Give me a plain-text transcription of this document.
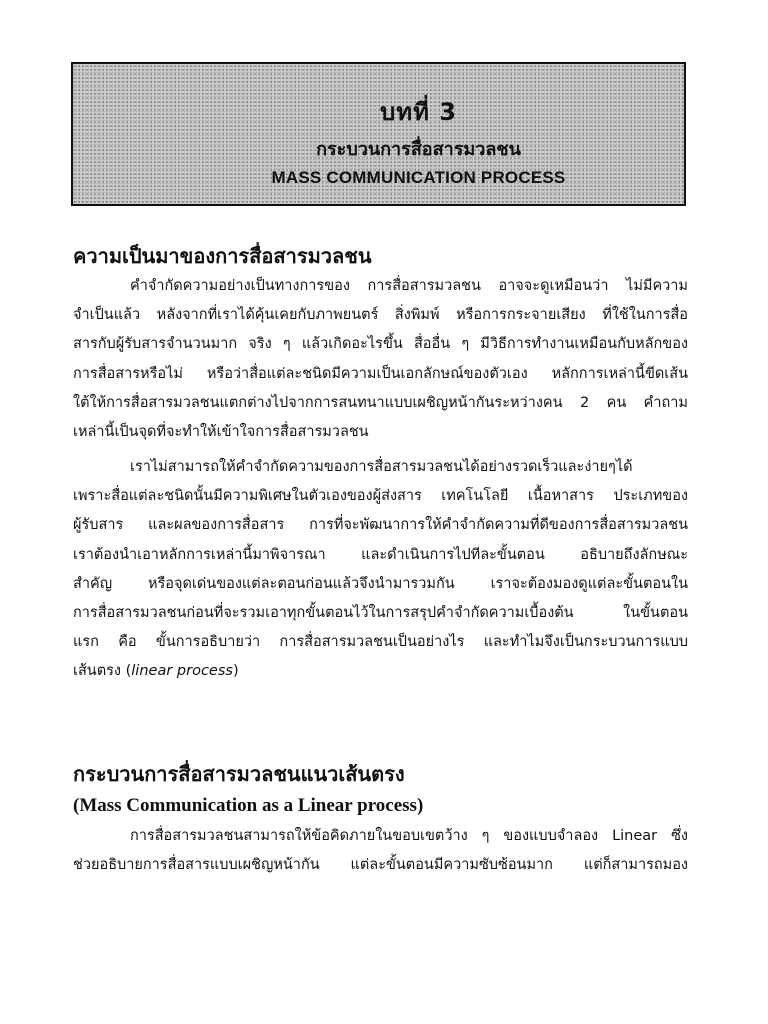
บทที่ 3
กระบวนการสื่อสารมวลชน
MASS COMMUNICATION PROCESS
ความเป็นมาของการสื่อสารมวลชน
คำจำกัดความอย่างเป็นทางการของ การสื่อสารมวลชน อาจจะดูเหมือนว่า ไม่มีความ
จำเป็นแล้ว หลังจากที่เราได้คุ้นเคยกับภาพยนตร์ สิ่งพิมพ์ หรือการกระจายเสียง ที่ใช้ในการสื่อ
สารกับผู้รับสารจำนวนมาก จริง ๆ แล้วเกิดอะไรขึ้น สื่ออื่น ๆ มีวิธีการทำงานเหมือนกับหลักของ
การสื่อสารหรือไม่ หรือว่าสื่อแต่ละชนิดมีความเป็นเอกลักษณ์ของตัวเอง หลักการเหล่านี้ขีดเส้น
ใต้ให้การสื่อสารมวลชนแตกต่างไปจากการสนทนาแบบเผชิญหน้ากันระหว่างคน 2 คน คำถาม
เหล่านี้เป็นจุดที่จะทำให้เข้าใจการสื่อสารมวลชน
เราไม่สามารถให้คำจำกัดความของการสื่อสารมวลชนได้อย่างรวดเร็วและง่ายๆได้
เพราะสื่อแต่ละชนิดนั้นมีความพิเศษในตัวเองของผู้ส่งสาร เทคโนโลยี เนื้อหาสาร ประเภทของ
ผู้รับสาร และผลของการสื่อสาร การที่จะพัฒนาการให้คำจำกัดความที่ดีของการสื่อสารมวลชน
เราต้องนำเอาหลักการเหล่านี้มาพิจารณา และดำเนินการไปทีละขั้นตอน อธิบายถึงลักษณะ
สำคัญ หรือจุดเด่นของแต่ละตอนก่อนแล้วจึงนำมารวมกัน เราจะต้องมองดูแต่ละขั้นตอนใน
การสื่อสารมวลชนก่อนที่จะรวมเอาทุกขั้นตอนไว้ในการสรุปคำจำกัดความเบื้องต้น ในขั้นตอน
แรก คือ ขั้นการอธิบายว่า การสื่อสารมวลชนเป็นอย่างไร และทำไมจึงเป็นกระบวนการแบบ
เส้นตรง (linear process)
กระบวนการสื่อสารมวลชนแนวเส้นตรง
(Mass Communication as a Linear process)
การสื่อสารมวลชนสามารถให้ข้อคิดภายในขอบเขตว้าง ๆ ของแบบจำลอง Linear ซึ่ง
ช่วยอธิบายการสื่อสารแบบเผชิญหน้ากัน แต่ละขั้นตอนมีความซับซ้อนมาก แต่ก็สามารถมอง
